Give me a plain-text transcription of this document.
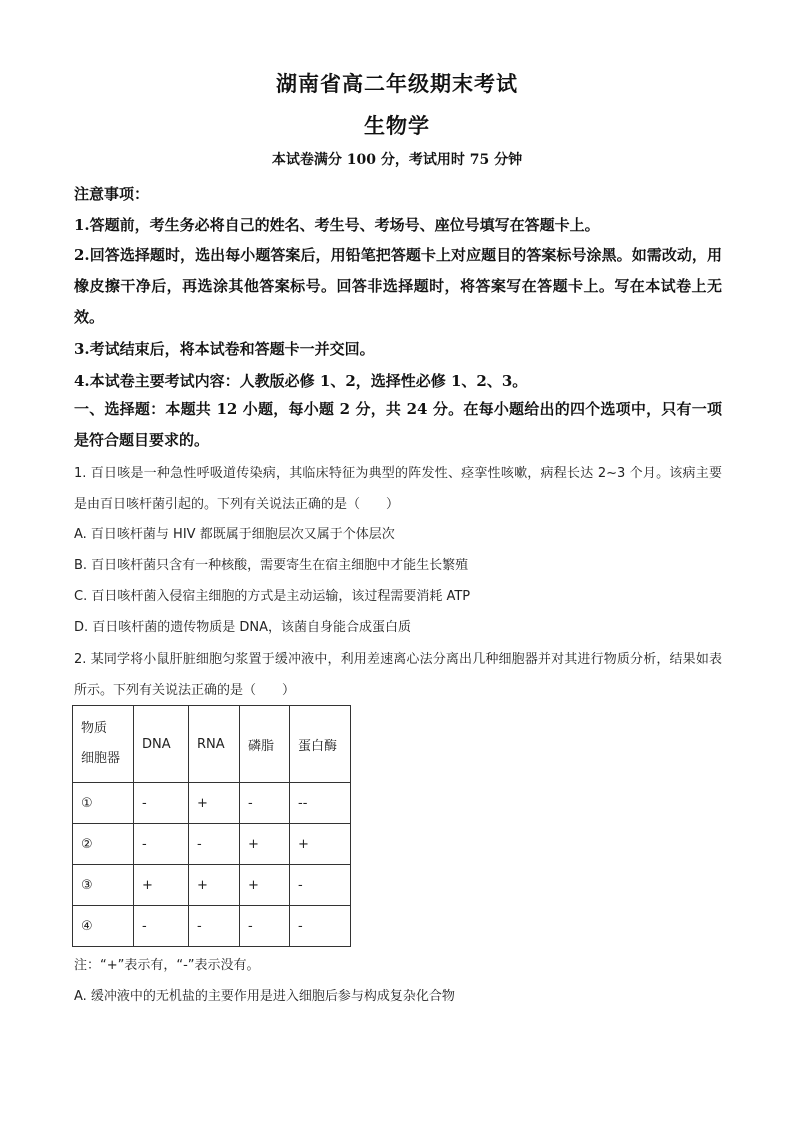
湖南省高二年级期末考试
生物学
本试卷满分 100 分，考试用时 75 分钟
注意事项：
1.答题前，考生务必将自己的姓名、考生号、考场号、座位号填写在答题卡上。
2.回答选择题时，选出每小题答案后，用铅笔把答题卡上对应题目的答案标号涂黑。如需改动，用橡皮擦干净后，再选涂其他答案标号。回答非选择题时，将答案写在答题卡上。写在本试卷上无效。
3.考试结束后，将本试卷和答题卡一并交回。
4.本试卷主要考试内容：人教版必修 1、2，选择性必修 1、2、3。
一、选择题：本题共 12 小题，每小题 2 分，共 24 分。在每小题给出的四个选项中，只有一项是符合题目要求的。
1. 百日咳是一种急性呼吸道传染病，其临床特征为典型的阵发性、痉挛性咳嗽，病程长达 2~3 个月。该病主要是由百日咳杆菌引起的。下列有关说法正确的是（　　）
A. 百日咳杆菌与 HIV 都既属于细胞层次又属于个体层次
B. 百日咳杆菌只含有一种核酸，需要寄生在宿主细胞中才能生长繁殖
C. 百日咳杆菌入侵宿主细胞的方式是主动运输，该过程需要消耗 ATP
D. 百日咳杆菌的遗传物质是 DNA，该菌自身能合成蛋白质
2. 某同学将小鼠肝脏细胞匀浆置于缓冲液中，利用差速离心法分离出几种细胞器并对其进行物质分析，结果如表所示。下列有关说法正确的是（　　）
物质
细胞器	DNA	RNA	磷脂	蛋白酶
①	-	+	-	--
②	-	-	+	+
③	+	+	+	-
④	-	-	-	-
注：“+”表示有，“-”表示没有。
A. 缓冲液中的无机盐的主要作用是进入细胞后参与构成复杂化合物
